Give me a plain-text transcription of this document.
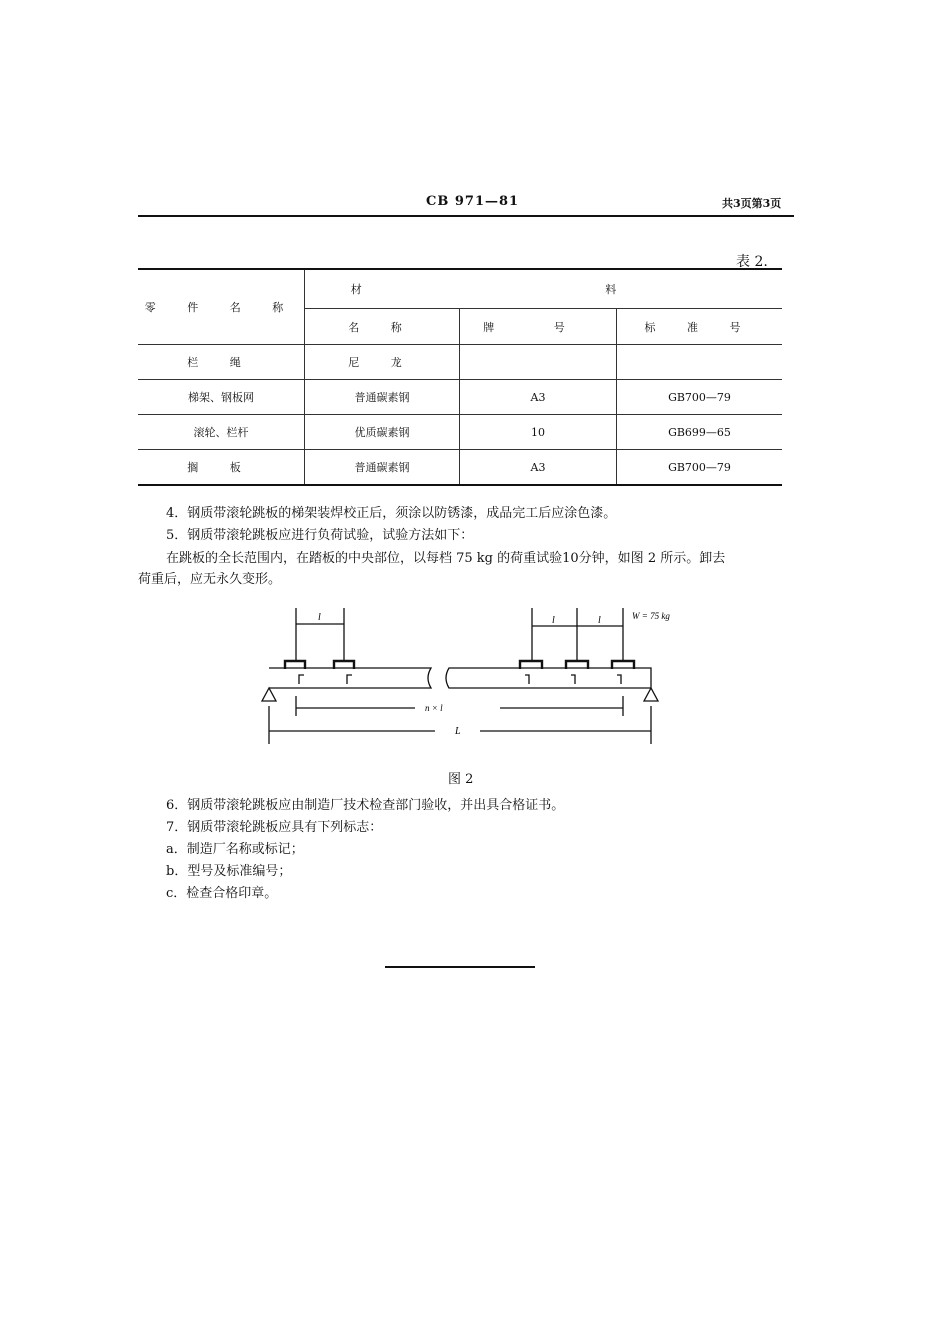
CB 971—81	共3页第3页
表 2.
零 件 名 称	材 料		
	名 称	牌 号	标 准 号
栏 绳	尼 龙		
梯架、钢板网	普通碳素钢	A3	GB700—79
滚轮、栏杆	优质碳素钢	10	GB699—65
搁 板	普通碳素钢	A3	GB700—79
4．钢质带滚轮跳板的梯架装焊校正后，须涂以防锈漆，成品完工后应涂色漆。
5．钢质带滚轮跳板应进行负荷试验，试验方法如下：
在跳板的全长范围内，在踏板的中央部位，以每档 75 kg 的荷重试验10分钟，如图 2 所示。卸去
荷重后，应无永久变形。
l	l	l	W = 75 kg
n × l
L
图 2
6．钢质带滚轮跳板应由制造厂技术检查部门验收，并出具合格证书。
7．钢质带滚轮跳板应具有下列标志：
a．制造厂名称或标记；
b．型号及标准编号；
c．检查合格印章。
